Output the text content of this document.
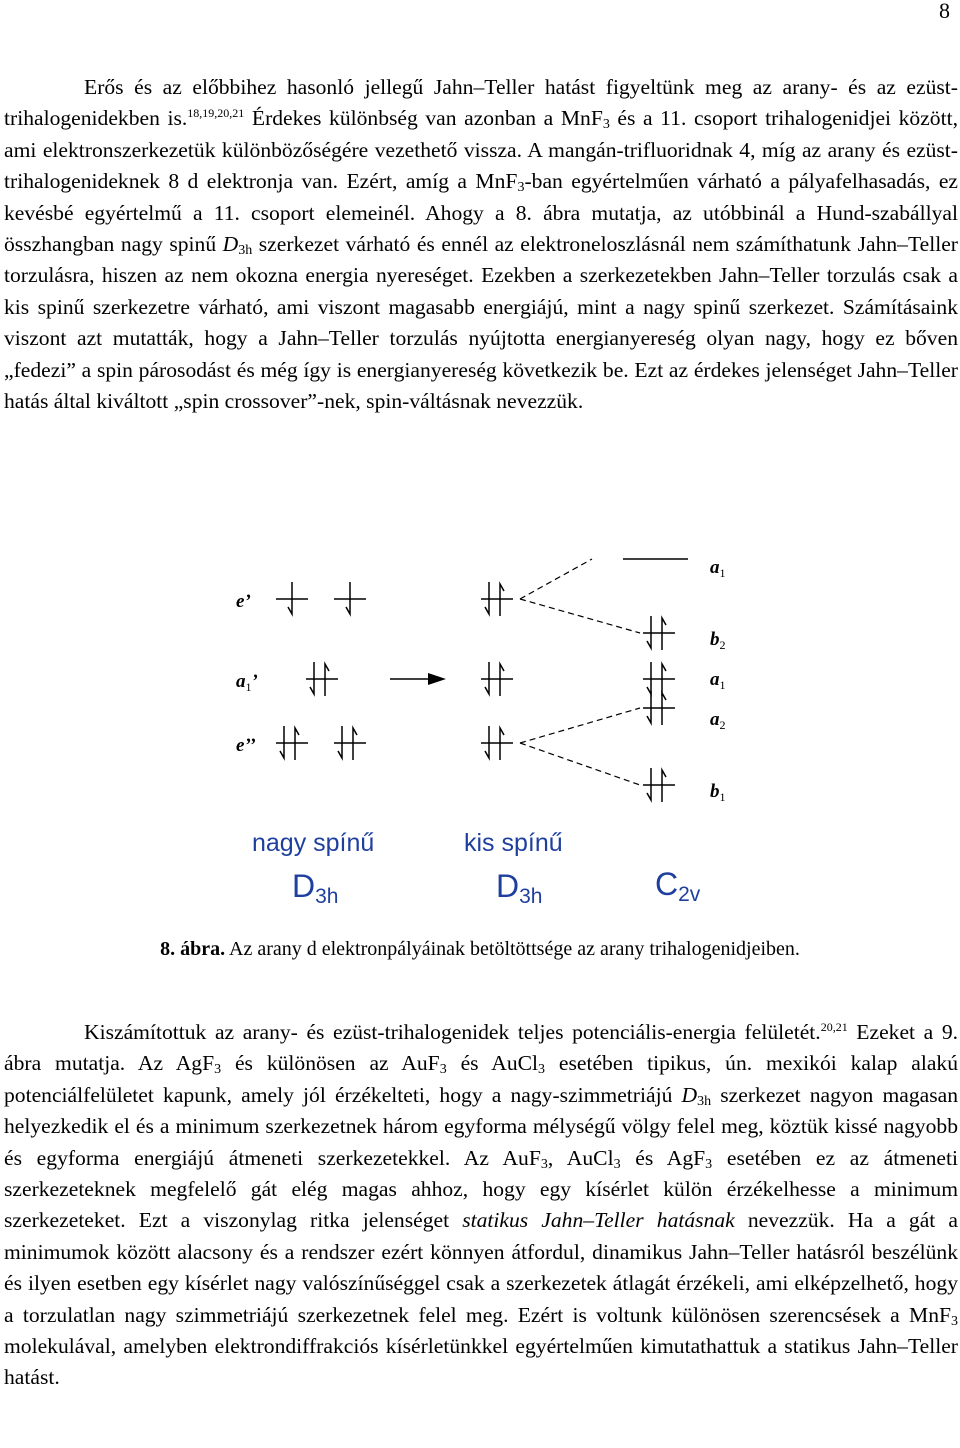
8

Erős és az előbbihez hasonló jellegű Jahn–Teller hatást figyeltünk meg az arany- és az ezüst-trihalogenidekben is.$^{18,19,20,21}$ Érdekes különbség van azonban a MnF$_3$ és a 11. csoport trihalogenidjei között, ami elektronszerkezetük különbözőségére vezethető vissza. A mangán-trifluoridnak 4, míg az arany és ezüst-trihalogenideknek 8 d elektronja van. Ezért, amíg a MnF$_3$-ban egyértelműen várható a pályafelhasadás, ez kevésbé egyértelmű a 11. csoport elemeinél. Ahogy a 8. ábra mutatja, az utóbbinál a Hund-szabállyal összhangban nagy spinű $D_{3h}$ szerkezet várható és ennél az elektroneloszlásnál nem számíthatunk Jahn–Teller torzulásra, hiszen az nem okozna energia nyereséget. Ezekben a szerkezetekben Jahn–Teller torzulás csak a kis spinű szerkezetre várható, ami viszont magasabb energiájú, mint a nagy spinű szerkezet. Számításaink viszont azt mutatták, hogy a Jahn–Teller torzulás nyújtotta energianyereség olyan nagy, hogy ez bőven „fedezi” a spin párosodást és még így is energianyereség következik be. Ezt az érdekes jelenséget Jahn–Teller hatás által kiváltott „spin crossover”-nek, spin-váltásnak nevezzük.

e’
$a_1$’
e’’
$a_1$
$b_2$
$a_1$
$a_2$
$b_1$
nagy spínű	kis spínű
D3h	D3h	C2v
8. ábra. Az arany d elektronpályáinak betöltöttsége az arany trihalogenidjeiben.

Kiszámítottuk az arany- és ezüst-trihalogenidek teljes potenciális-energia felületét.$^{20,21}$ Ezeket a 9. ábra mutatja. Az AgF$_3$ és különösen az AuF$_3$ és AuCl$_3$ esetében tipikus, ún. mexikói kalap alakú potenciálfelületet kapunk, amely jól érzékelteti, hogy a nagy-szimmetriájú $D_{3h}$ szerkezet nagyon magasan helyezkedik el és a minimum szerkezetnek három egyforma mélységű völgy felel meg, köztük kissé nagyobb és egyforma energiájú átmeneti szerkezetekkel. Az AuF$_3$, AuCl$_3$ és AgF$_3$ esetében ez az átmeneti szerkezeteknek megfelelő gát elég magas ahhoz, hogy egy kísérlet külön érzékelhesse a minimum szerkezeteket. Ezt a viszonylag ritka jelenséget statikus Jahn–Teller hatásnak nevezzük. Ha a gát a minimumok között alacsony és a rendszer ezért könnyen átfordul, dinamikus Jahn–Teller hatásról beszélünk és ilyen esetben egy kísérlet nagy valószínűséggel csak a szerkezetek átlagát érzékeli, ami elképzelhető, hogy a torzulatlan nagy szimmetriájú szerkezetnek felel meg. Ezért is voltunk különösen szerencsések a MnF$_3$ molekulával, amelyben elektrondiffrakciós kísérletünkkel egyértelműen kimutathattuk a statikus Jahn–Teller hatást.
